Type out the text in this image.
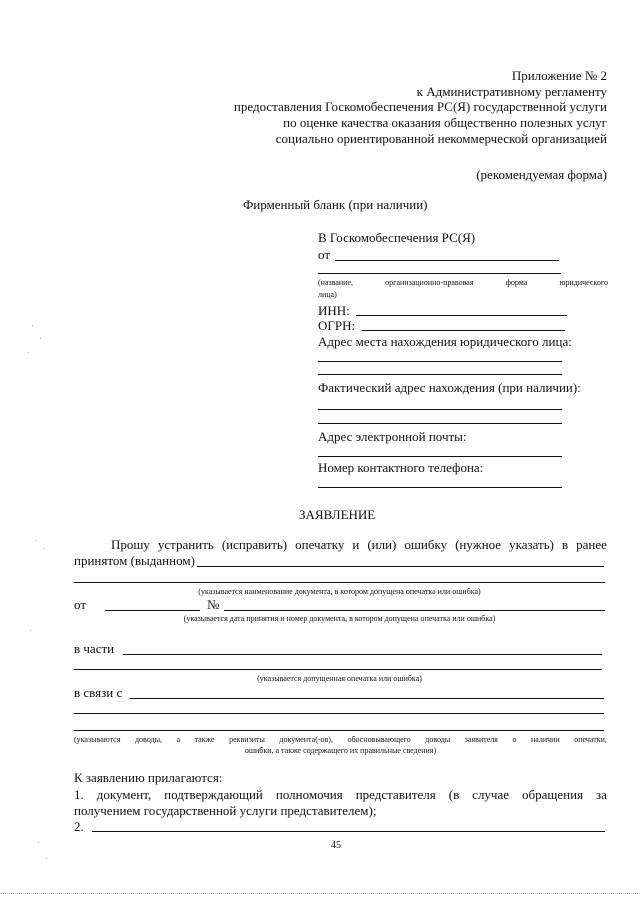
Приложение № 2
к Административному регламенту
предоставления Госкомобеспечения РС(Я) государственной услуги
по оценке качества оказания общественно полезных услуг
социально ориентированной некоммерческой организацией
(рекомендуемая форма)
Фирменный бланк (при наличии)
В Госкомобеспечения РС(Я)
от
(название,	организационно-правовая	форма	юридического
лица)
ИНН:
ОГРН:
Адрес места нахождения юридического лица:
Фактический адрес нахождения (при наличии):
Адрес электронной почты:
Номер контактного телефона:
ЗАЯВЛЕНИЕ
Прошу устранить (исправить) опечатку и (или) ошибку (нужное указать) в ранее
принятом (выданном)
(указывается наименование документа, в котором допущена опечатка или ошибка)
от	№
(указывается дата принятия и номер документа, в котором допущена опечатка или ошибка)
в части
(указывается допущенная опечатка или ошибка)
в связи с
(указываются доводы, а также реквизиты документа(-ов), обосновывающего доводы заявителя о наличии опечатки,
ошибки, а также содержащего их правильные сведения)
К заявлению прилагаются:
1. документ, подтверждающий полномочия представителя (в случае обращения за
получением государственной услуги представителем);
2.
45
